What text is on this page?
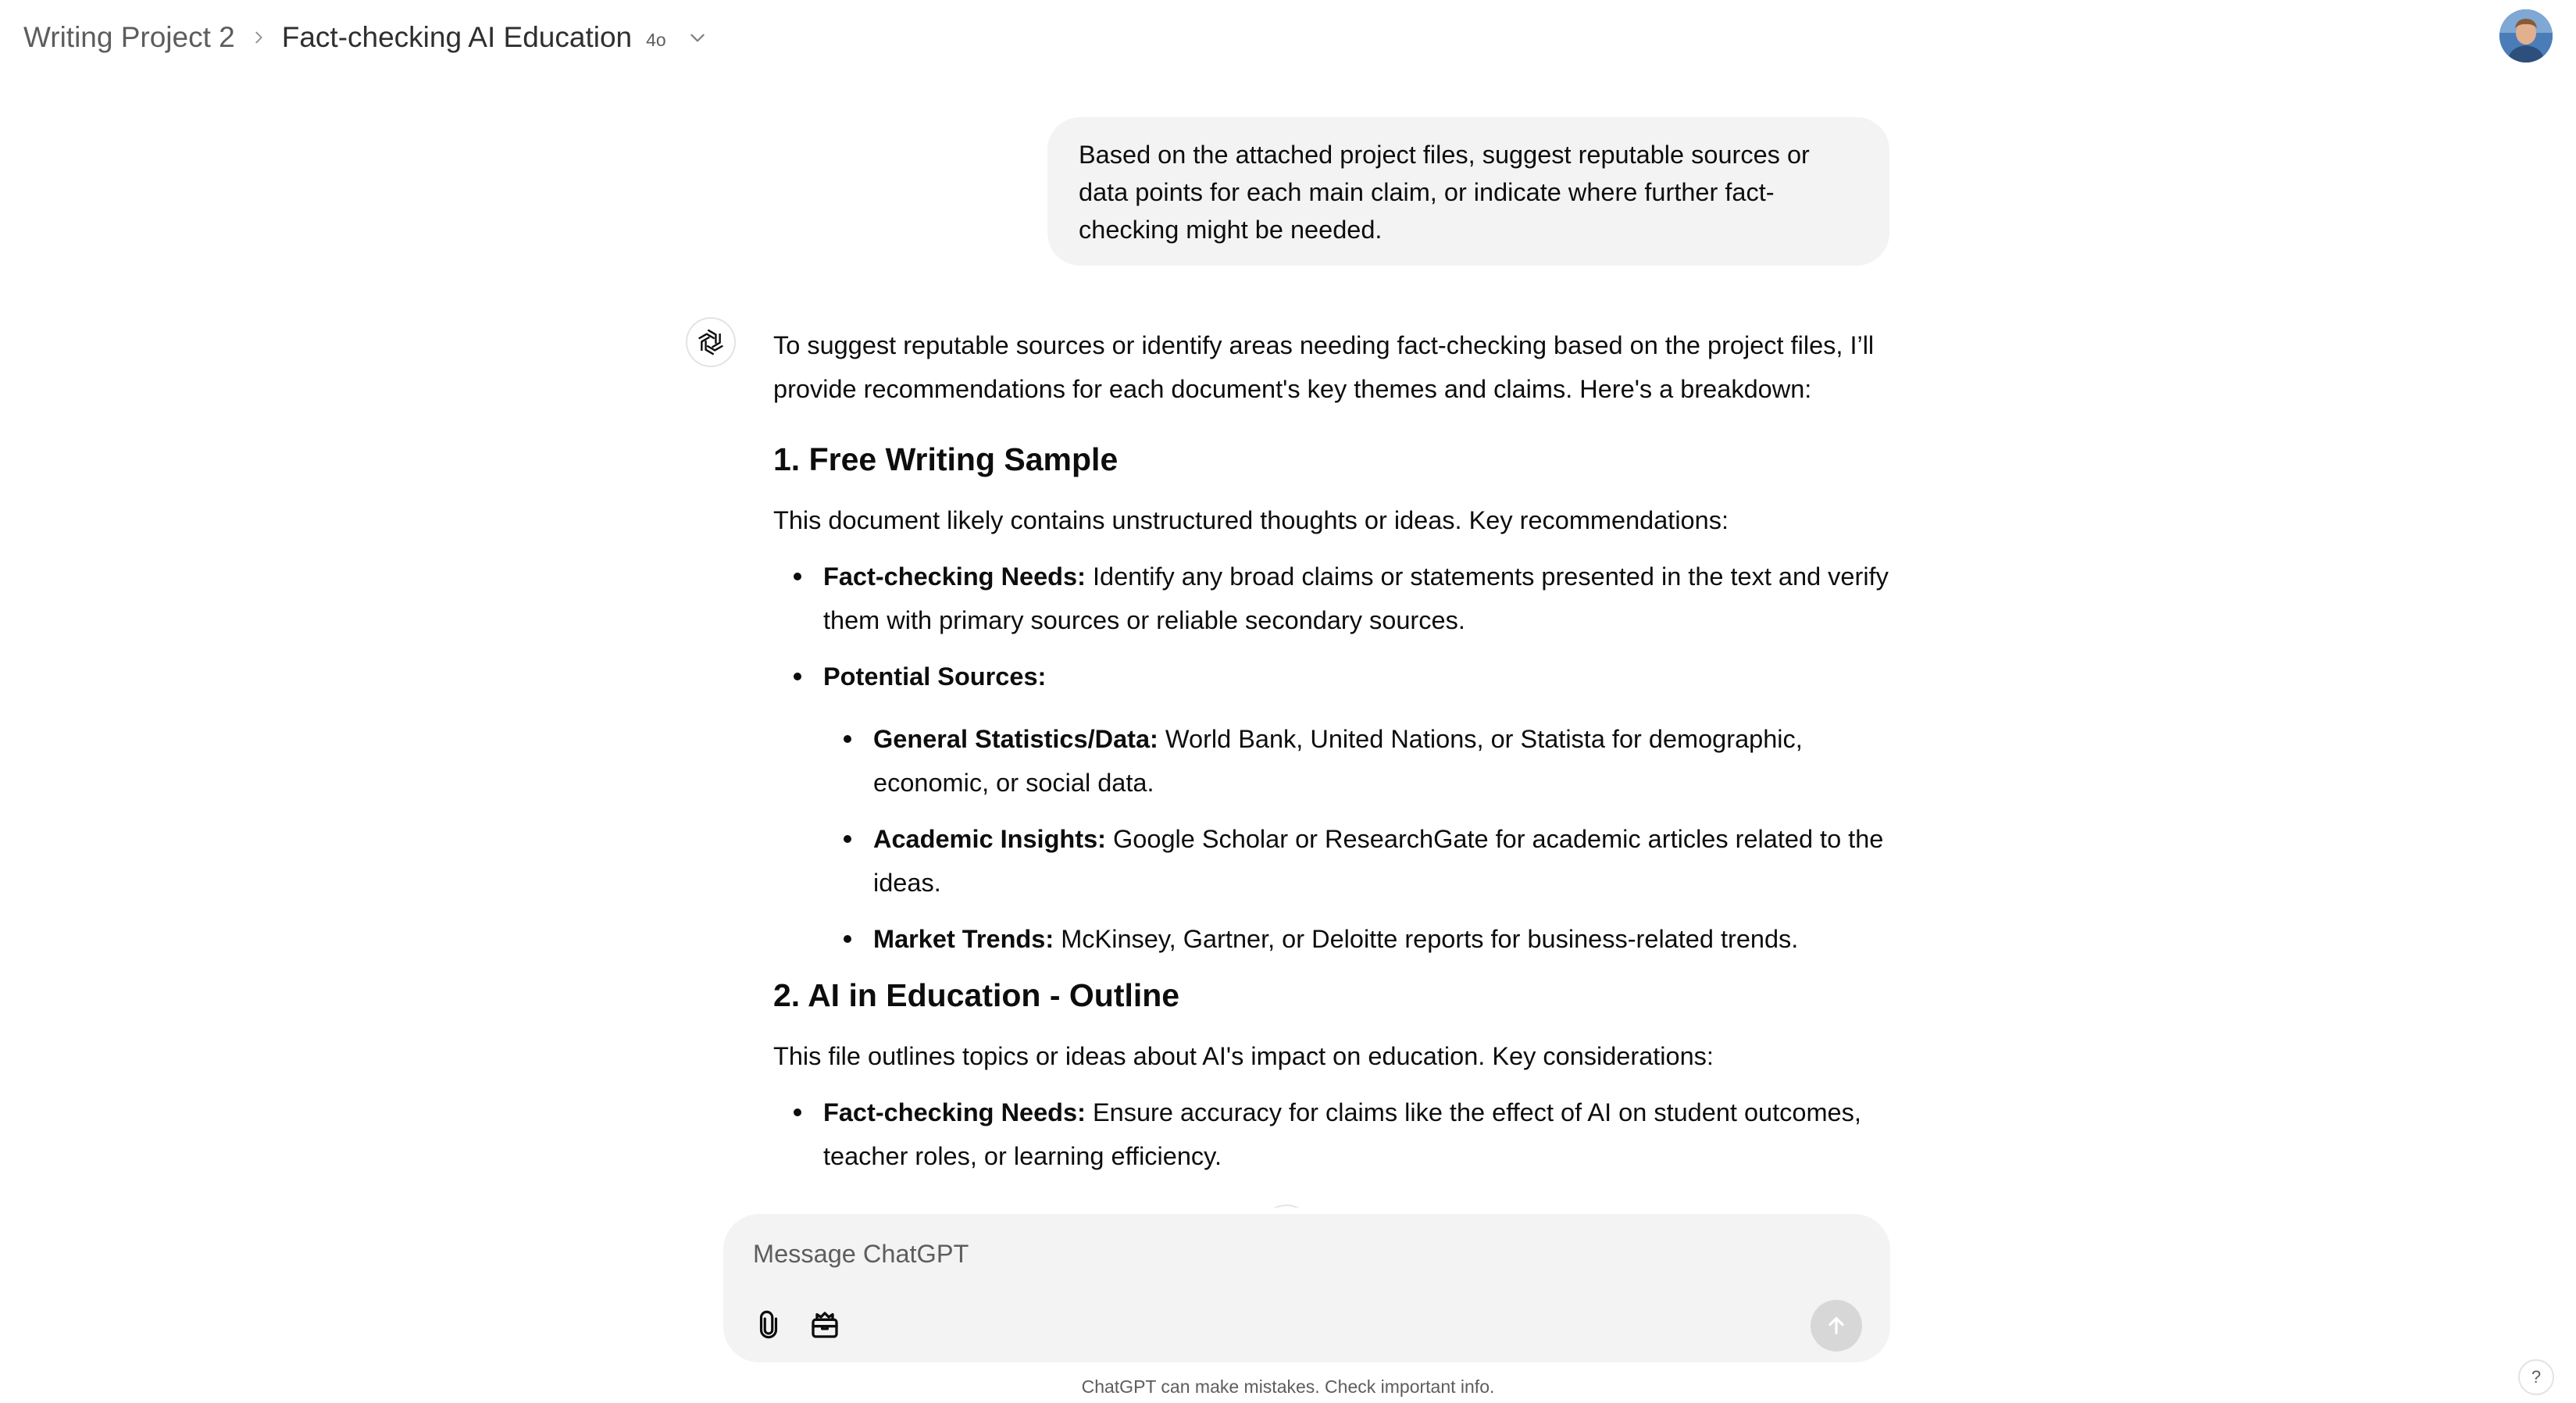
Writing Project 2 Fact-checking AI Education 4o
Based on the attached project files, suggest reputable sources or data points for each main claim, or indicate where further fact-checking might be needed.

To suggest reputable sources or identify areas needing fact-checking based on the project files, I’ll provide recommendations for each document's key themes and claims. Here's a breakdown:

1. Free Writing Sample

This document likely contains unstructured thoughts or ideas. Key recommendations:

Fact-checking Needs: Identify any broad claims or statements presented in the text and verify them with primary sources or reliable secondary sources.
Potential Sources:
General Statistics/Data: World Bank, United Nations, or Statista for demographic, economic, or social data.
Academic Insights: Google Scholar or ResearchGate for academic articles related to the ideas.
Market Trends: McKinsey, Gartner, or Deloitte reports for business-related trends.
2. AI in Education - Outline

This file outlines topics or ideas about AI's impact on education. Key considerations:

Fact-checking Needs: Ensure accuracy for claims like the effect of AI on student outcomes, teacher roles, or learning efficiency.
Message ChatGPT
ChatGPT can make mistakes. Check important info.	?
